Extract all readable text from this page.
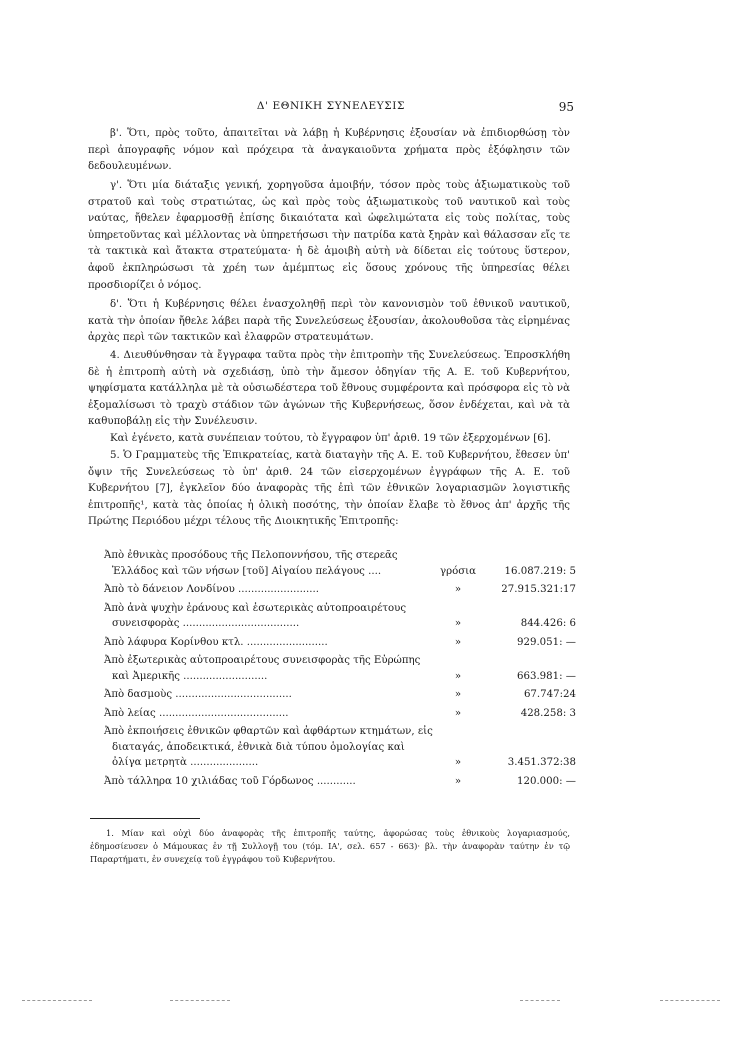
Δ' ΕΘΝΙΚΗ ΣΥΝΕΛΕΥΣΙΣ	95

β'. Ὅτι, πρὸς τοῦτο, ἀπαιτεῖται νὰ λάβῃ ἡ Κυβέρνησις ἐξουσίαν νὰ ἐπιδιορθώσῃ τὸν περὶ ἀπογραφῆς νόμον καὶ πρόχειρα τὰ ἀναγκαιοῦντα χρήματα πρὸς ἐξόφλησιν τῶν δεδουλευμένων.

γ'. Ὅτι μία διάταξις γενική, χορηγοῦσα ἀμοιβήν, τόσον πρὸς τοὺς ἀξιωματικοὺς τοῦ στρατοῦ καὶ τοὺς στρατιώτας, ὡς καὶ πρὸς τοὺς ἀξιωματικοὺς τοῦ ναυτικοῦ καὶ τοὺς ναύτας, ἤθελεν ἐφαρμοσθῇ ἐπίσης δικαιότατα καὶ ὠφελιμώτατα εἰς τοὺς πολίτας, τοὺς ὑπηρετοῦντας καὶ μέλλοντας νὰ ὑπηρετήσωσι τὴν πατρίδα κατὰ ξηρὰν καὶ θάλασσαν εἴς τε τὰ τακτικὰ καὶ ἄτακτα στρατεύματα· ἡ δὲ ἀμοιβὴ αὐτὴ νὰ δίδεται εἰς τούτους ὕστερον, ἀφοῦ ἐκπληρώσωσι τὰ χρέη των ἀμέμπτως εἰς ὅσους χρόνους τῆς ὑπηρεσίας θέλει προσδιορίζει ὁ νόμος.

δ'. Ὅτι ἡ Κυβέρνησις θέλει ἐνασχοληθῇ περὶ τὸν κανονισμὸν τοῦ ἐθνικοῦ ναυτικοῦ, κατὰ τὴν ὁποίαν ἤθελε λάβει παρὰ τῆς Συνελεύσεως ἐξουσίαν, ἀκολουθοῦσα τὰς εἰρημένας ἀρχὰς περὶ τῶν τακτικῶν καὶ ἐλαφρῶν στρατευμάτων.

4. Διευθύνθησαν τὰ ἔγγραφα ταῦτα πρὸς τὴν ἐπιτροπὴν τῆς Συνελεύσεως. Ἐπροσκλήθη δὲ ἡ ἐπιτροπὴ αὐτὴ νὰ σχεδιάσῃ, ὑπὸ τὴν ἄμεσον ὁδηγίαν τῆς Α. Ε. τοῦ Κυβερνήτου, ψηφίσματα κατάλληλα μὲ τὰ οὐσιωδέστερα τοῦ ἔθνους συμφέροντα καὶ πρόσφορα εἰς τὸ νὰ ἐξομαλίσωσι τὸ τραχὺ στάδιον τῶν ἀγώνων τῆς Κυβερνήσεως, ὅσον ἐνδέχεται, καὶ νὰ τὰ καθυποβάλῃ εἰς τὴν Συνέλευσιν.

Καὶ ἐγένετο, κατὰ συνέπειαν τούτου, τὸ ἔγγραφον ὑπ' ἀριθ. 19 τῶν ἐξερχομένων [6].

5. Ὁ Γραμματεὺς τῆς Ἐπικρατείας, κατὰ διαταγὴν τῆς Α. Ε. τοῦ Κυβερνήτου, ἔθεσεν ὑπ' ὄψιν τῆς Συνελεύσεως τὸ ὑπ' ἀριθ. 24 τῶν εἰσερχομένων ἐγγράφων τῆς Α. Ε. τοῦ Κυβερνήτου [7], ἐγκλεῖον δύο ἀναφορὰς τῆς ἐπὶ τῶν ἐθνικῶν λογαριασμῶν λογιστικῆς ἐπιτροπῆς¹, κατὰ τὰς ὁποίας ἡ ὁλικὴ ποσότης, τὴν ὁποίαν ἔλαβε τὸ ἔθνος ἀπ' ἀρχῆς τῆς Πρώτης Περιόδου μέχρι τέλους τῆς Διοικητικῆς Ἐπιτροπῆς:

Ἀπὸ ἐθνικὰς προσόδους τῆς Πελοποννήσου, τῆς στερεᾶς Ἑλλάδος καὶ τῶν νήσων [τοῦ] Αἰγαίου πελάγους ....	γρόσια	16.087.219: 5
Ἀπὸ τὸ δάνειον Λονδίνου .........................	»	27.915.321:17
Ἀπὸ ἀνὰ ψυχὴν ἐράνους καὶ ἐσωτερικὰς αὐτοπροαιρέτους συνεισφορὰς ....................................	»	844.426: 6
Ἀπὸ λάφυρα Κορίνθου κτλ. .........................	»	929.051: —
Ἀπὸ ἐξωτερικὰς αὐτοπροαιρέτους συνεισφορὰς τῆς Εὐρώπης καὶ Ἀμερικῆς ..........................	»	663.981: —
Ἀπὸ δασμοὺς ....................................	»	67.747:24
Ἀπὸ λείας ........................................	»	428.258: 3
Ἀπὸ ἐκποιήσεις ἐθνικῶν φθαρτῶν καὶ ἀφθάρτων κτημάτων, εἰς διαταγάς, ἀποδεικτικά, ἐθνικὰ διὰ τύπου ὁμολογίας καὶ ὀλίγα μετρητὰ .....................	»	3.451.372:38
Ἀπὸ τάλληρα 10 χιλιάδας τοῦ Γόρδωνος ............	»	120.000: —

1. Μίαν καὶ οὐχὶ δύο ἀναφορὰς τῆς ἐπιτροπῆς ταύτης, ἀφορώσας τοὺς ἐθνικοὺς λογαριασμούς, ἐδημοσίευσεν ὁ Μάμουκας ἐν τῇ Συλλογῇ του (τόμ. ΙΑ', σελ. 657 - 663)· βλ. τὴν ἀναφορὰν ταύτην ἐν τῷ Παραρτήματι, ἐν συνεχείᾳ τοῦ ἐγγράφου τοῦ Κυβερνήτου.
